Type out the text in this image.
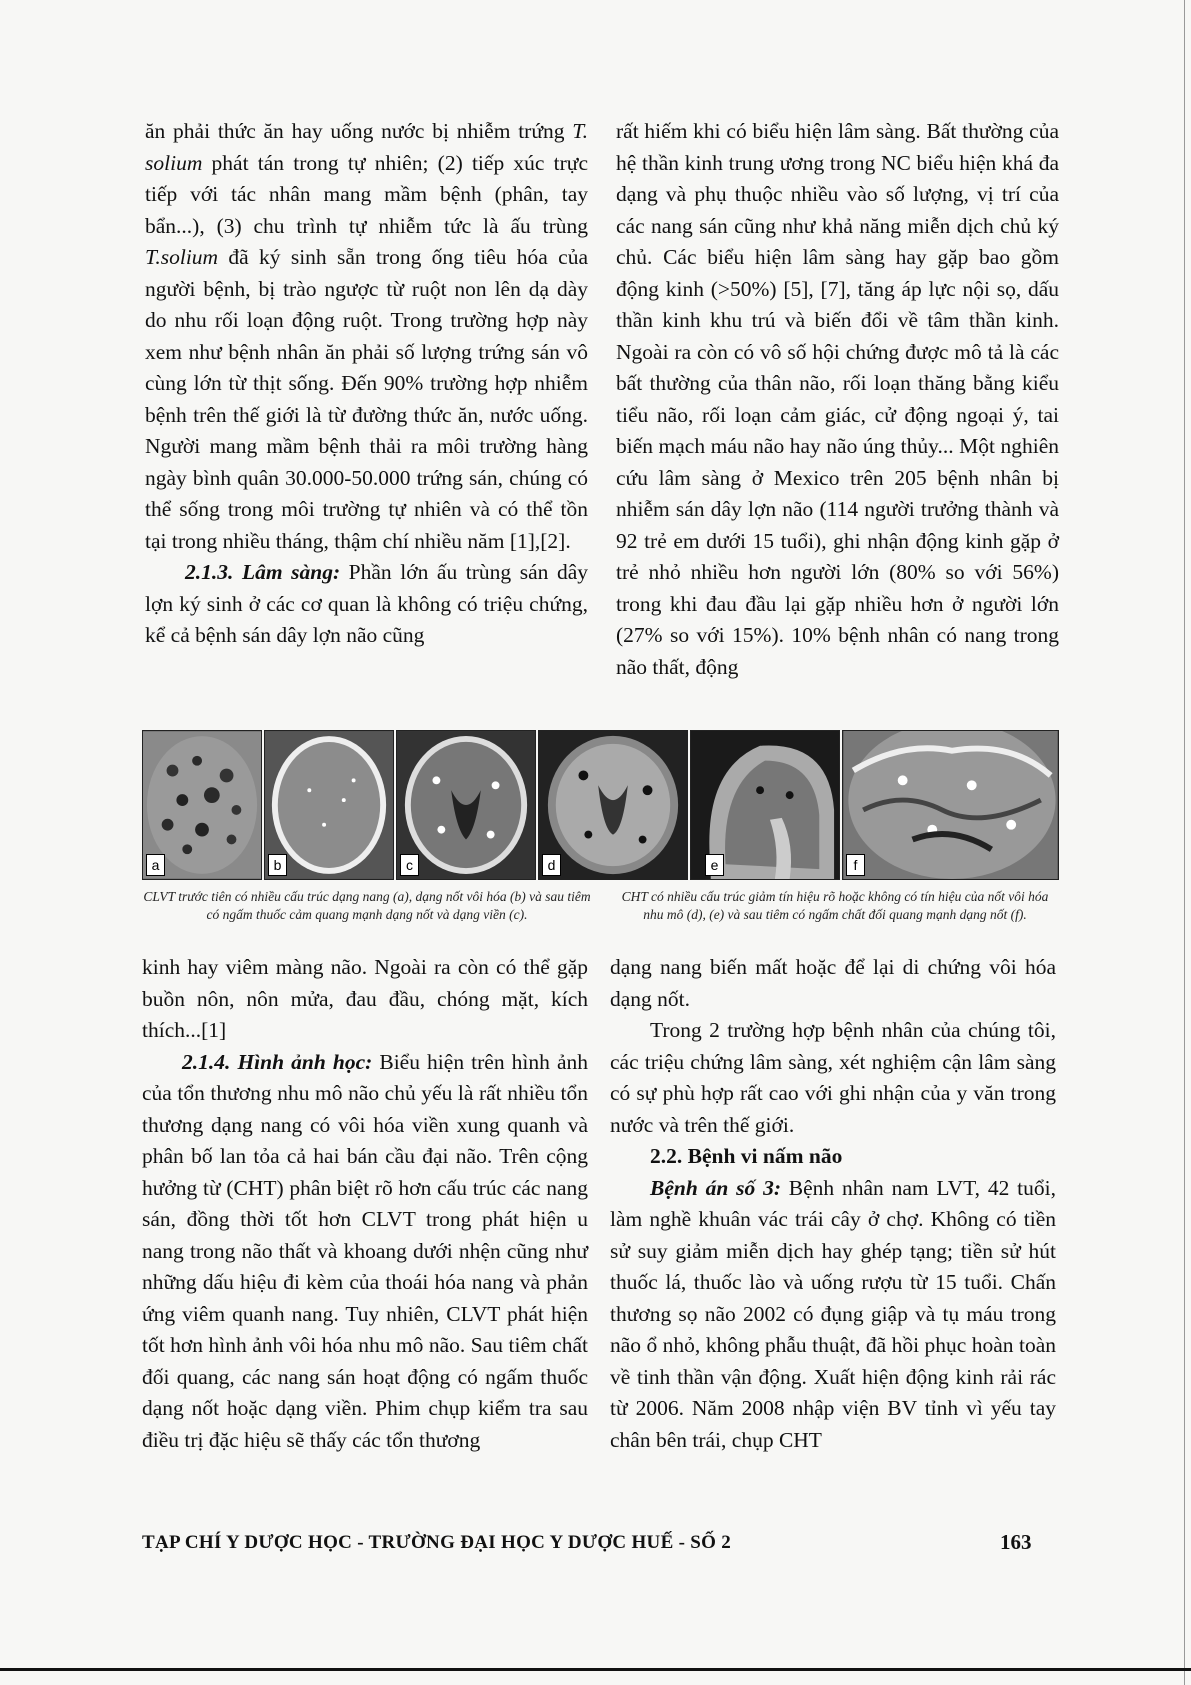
ăn phải thức ăn hay uống nước bị nhiễm trứng T. solium phát tán trong tự nhiên; (2) tiếp xúc trực tiếp với tác nhân mang mầm bệnh (phân, tay bẩn...), (3) chu trình tự nhiễm tức là ấu trùng T.solium đã ký sinh sẵn trong ống tiêu hóa của người bệnh, bị trào ngược từ ruột non lên dạ dày do nhu rối loạn động ruột. Trong trường hợp này xem như bệnh nhân ăn phải số lượng trứng sán vô cùng lớn từ thịt sống. Đến 90% trường hợp nhiễm bệnh trên thế giới là từ đường thức ăn, nước uống. Người mang mầm bệnh thải ra môi trường hàng ngày bình quân 30.000-50.000 trứng sán, chúng có thể sống trong môi trường tự nhiên và có thể tồn tại trong nhiều tháng, thậm chí nhiều năm [1],[2].

2.1.3. Lâm sàng: Phần lớn ấu trùng sán dây lợn ký sinh ở các cơ quan là không có triệu chứng, kể cả bệnh sán dây lợn não cũng

rất hiếm khi có biểu hiện lâm sàng. Bất thường của hệ thần kinh trung ương trong NC biểu hiện khá đa dạng và phụ thuộc nhiều vào số lượng, vị trí của các nang sán cũng như khả năng miễn dịch chủ ký chủ. Các biểu hiện lâm sàng hay gặp bao gồm động kinh (>50%) [5], [7], tăng áp lực nội sọ, dấu thần kinh khu trú và biến đổi về tâm thần kinh. Ngoài ra còn có vô số hội chứng được mô tả là các bất thường của thân não, rối loạn thăng bằng kiểu tiểu não, rối loạn cảm giác, cử động ngoại ý, tai biến mạch máu não hay não úng thủy... Một nghiên cứu lâm sàng ở Mexico trên 205 bệnh nhân bị nhiễm sán dây lợn não (114 người trưởng thành và 92 trẻ em dưới 15 tuổi), ghi nhận động kinh gặp ở trẻ nhỏ nhiều hơn người lớn (80% so với 56%) trong khi đau đầu lại gặp nhiều hơn ở người lớn (27% so với 15%). 10% bệnh nhân có nang trong não thất, động

a	b	c	d	e	f
CLVT trước tiên có nhiều cấu trúc dạng nang (a), dạng nốt vôi hóa (b) và sau tiêm có ngấm thuốc cảm quang mạnh dạng nốt và dạng viền (c).
CHT có nhiều cấu trúc giảm tín hiệu rõ hoặc không có tín hiệu của nốt vôi hóa nhu mô (d), (e) và sau tiêm có ngấm chất đối quang mạnh dạng nốt (f).

kinh hay viêm màng não. Ngoài ra còn có thể gặp buồn nôn, nôn mửa, đau đầu, chóng mặt, kích thích...[1]

2.1.4. Hình ảnh học: Biểu hiện trên hình ảnh của tổn thương nhu mô não chủ yếu là rất nhiều tổn thương dạng nang có vôi hóa viền xung quanh và phân bố lan tỏa cả hai bán cầu đại não. Trên cộng hưởng từ (CHT) phân biệt rõ hơn cấu trúc các nang sán, đồng thời tốt hơn CLVT trong phát hiện u nang trong não thất và khoang dưới nhện cũng như những dấu hiệu đi kèm của thoái hóa nang và phản ứng viêm quanh nang. Tuy nhiên, CLVT phát hiện tốt hơn hình ảnh vôi hóa nhu mô não. Sau tiêm chất đối quang, các nang sán hoạt động có ngấm thuốc dạng nốt hoặc dạng viền. Phim chụp kiểm tra sau điều trị đặc hiệu sẽ thấy các tổn thương

dạng nang biến mất hoặc để lại di chứng vôi hóa dạng nốt.

Trong 2 trường hợp bệnh nhân của chúng tôi, các triệu chứng lâm sàng, xét nghiệm cận lâm sàng có sự phù hợp rất cao với ghi nhận của y văn trong nước và trên thế giới.

2.2. Bệnh vi nấm não

Bệnh án số 3: Bệnh nhân nam LVT, 42 tuổi, làm nghề khuân vác trái cây ở chợ. Không có tiền sử suy giảm miễn dịch hay ghép tạng; tiền sử hút thuốc lá, thuốc lào và uống rượu từ 15 tuổi. Chấn thương sọ não 2002 có đụng giập và tụ máu trong não ổ nhỏ, không phẫu thuật, đã hồi phục hoàn toàn về tinh thần vận động. Xuất hiện động kinh rải rác từ 2006. Năm 2008 nhập viện BV tỉnh vì yếu tay chân bên trái, chụp CHT

TẠP CHÍ Y DƯỢC HỌC - TRƯỜNG ĐẠI HỌC Y DƯỢC HUẾ - SỐ 2	163
